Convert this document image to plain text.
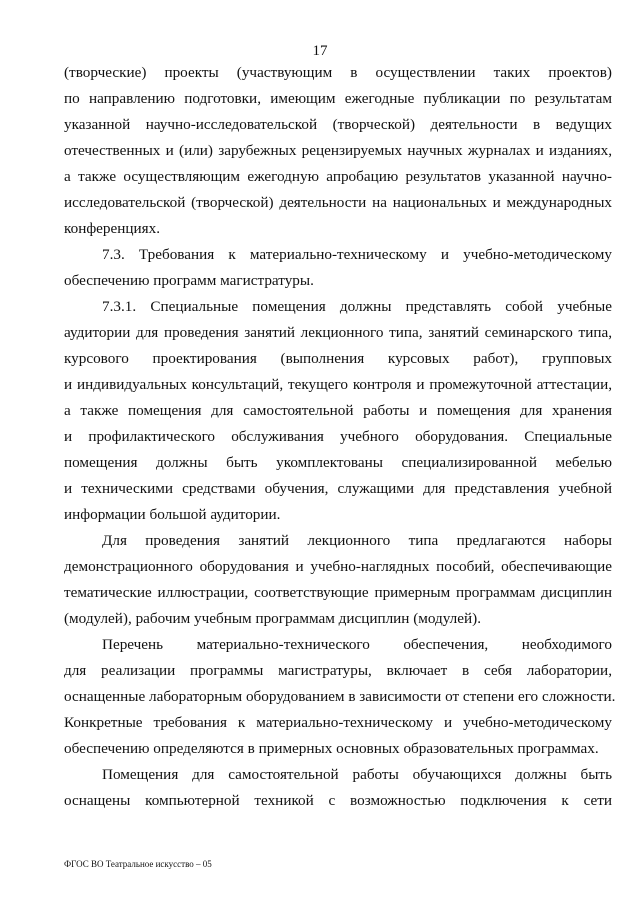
17
(творческие) проекты (участвующим в осуществлении таких проектов)
по направлению подготовки, имеющим ежегодные публикации по результатам
указанной научно-исследовательской (творческой) деятельности в ведущих
отечественных и (или) зарубежных рецензируемых научных журналах и изданиях,
а также осуществляющим ежегодную апробацию результатов указанной научно-
исследовательской (творческой) деятельности на национальных и международных
конференциях.
7.3. Требования к материально-техническому и учебно-методическому
обеспечению программ магистратуры.
7.3.1. Специальные помещения должны представлять собой учебные
аудитории для проведения занятий лекционного типа, занятий семинарского типа,
курсового проектирования (выполнения курсовых работ), групповых
и индивидуальных консультаций, текущего контроля и промежуточной аттестации,
а также помещения для самостоятельной работы и помещения для хранения
и профилактического обслуживания учебного оборудования. Специальные
помещения должны быть укомплектованы специализированной мебелью
и техническими средствами обучения, служащими для представления учебной
информации большой аудитории.
Для проведения занятий лекционного типа предлагаются наборы
демонстрационного оборудования и учебно-наглядных пособий, обеспечивающие
тематические иллюстрации, соответствующие примерным программам дисциплин
(модулей), рабочим учебным программам дисциплин (модулей).
Перечень материально-технического обеспечения, необходимого
для реализации программы магистратуры, включает в себя лаборатории,
оснащенные лабораторным оборудованием в зависимости от степени его сложности.
Конкретные требования к материально-техническому и учебно-методическому
обеспечению определяются в примерных основных образовательных программах.
Помещения для самостоятельной работы обучающихся должны быть
оснащены компьютерной техникой с возможностью подключения к сети
ФГОС ВО Театральное искусство – 05
